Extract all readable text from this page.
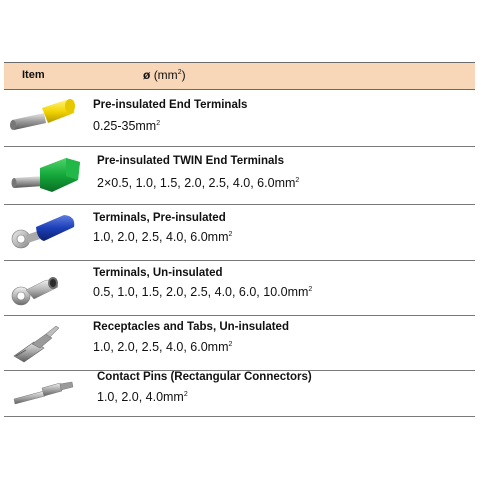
Item	ø $(mm^2)$
Pre-insulated End Terminals
$0.25-35mm^2$
Pre-insulated TWIN End Terminals
2×0.5, 1.0, 1.5, 2.0, 2.5, 4.0, $6.0mm^2$
Terminals, Pre-insulated
1.0, 2.0, 2.5, 4.0, $6.0mm^2$
Terminals, Un-insulated
0.5, 1.0, 1.5, 2.0, 2.5, 4.0, 6.0, $10.0mm^2$
Receptacles and Tabs, Un-insulated
1.0, 2.0, 2.5, 4.0, $6.0mm^2$
Contact Pins (Rectangular Connectors)
1.0, 2.0, $4.0mm^2$
